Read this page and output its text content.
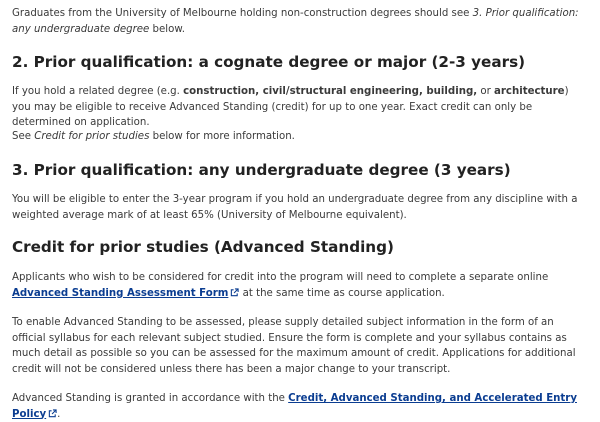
Graduates from the University of Melbourne holding non-construction degrees should see 3. Prior qualification: any undergraduate degree below.

2. Prior qualification: a cognate degree or major (2-3 years)

If you hold a related degree (e.g. construction, civil/structural engineering, building, or architecture) you may be eligible to receive Advanced Standing (credit) for up to one year. Exact credit can only be determined on application.

See Credit for prior studies below for more information.

3. Prior qualification: any undergraduate degree (3 years)

You will be eligible to enter the 3-year program if you hold an undergraduate degree from any discipline with a weighted average mark of at least 65% (University of Melbourne equivalent).

Credit for prior studies (Advanced Standing)

Applicants who wish to be considered for credit into the program will need to complete a separate online Advanced Standing Assessment Form at the same time as course application.

To enable Advanced Standing to be assessed, please supply detailed subject information in the form of an official syllabus for each relevant subject studied. Ensure the form is complete and your syllabus contains as much detail as possible so you can be assessed for the maximum amount of credit. Applications for additional credit will not be considered unless there has been a major change to your transcript.

Advanced Standing is granted in accordance with the Credit, Advanced Standing, and Accelerated Entry Policy .
